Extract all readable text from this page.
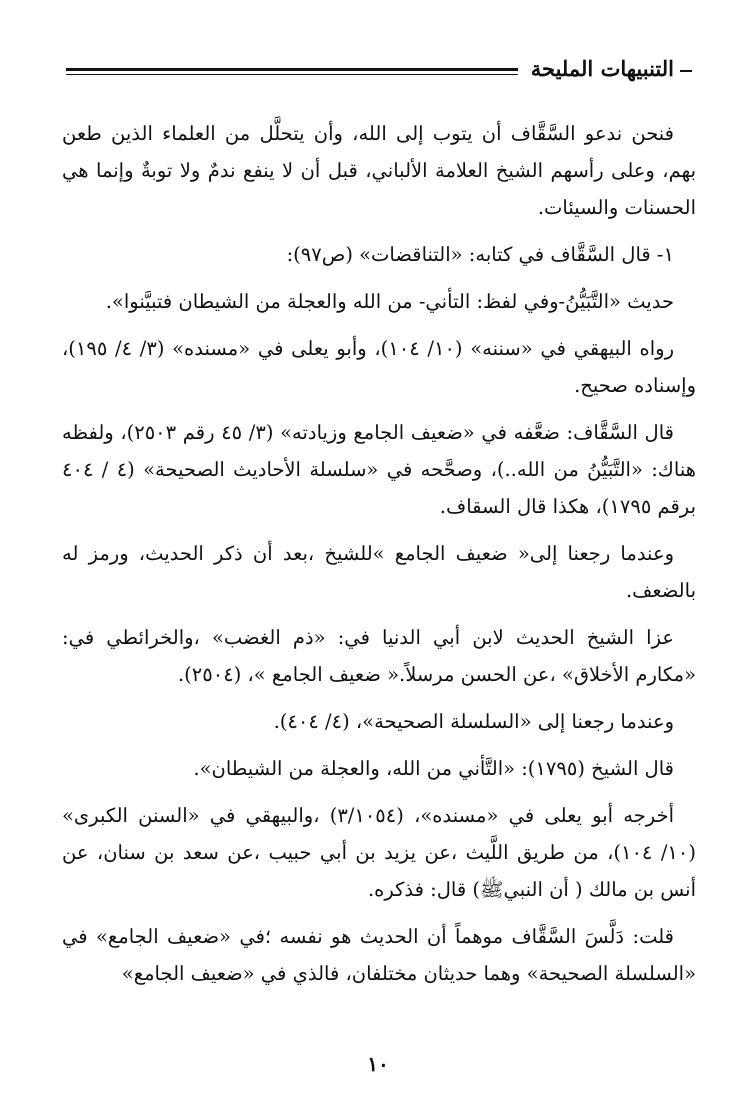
التنبيهات المليحة

فنحن ندعو السَّقَّاف أن يتوب إلى الله، وأن يتحلَّل من العلماء الذين طعن بهم، وعلى رأسهم الشيخ العلامة الألباني، قبل أن لا ينفع ندمٌ ولا توبةٌ وإنما هي الحسنات والسيئات.

١- قال السَّقَّاف في كتابه: «التناقضات» (ص٩٧):

حديث «التَّبَيُّنُ-وفي لفظ: التأني- من الله والعجلة من الشيطان فتبيَّنوا».

رواه البيهقي في «سننه» (١٠/ ١٠٤)، وأبو يعلى في «مسنده» (٣/ ٤/ ١٩٥)، وإسناده صحيح.

قال السَّقَّاف: ضعَّفه في «ضعيف الجامع وزيادته» (٣/ ٤٥ رقم ٢٥٠٣)، ولفظه هناك: «التَّبَيُّنُ من الله..)، وصحَّحه في «سلسلة الأحاديث الصحيحة» (٤ / ٤٠٤ برقم ١٧٩٥)، هكذا قال السقاف.

وعندما رجعنا إلى« ضعيف الجامع »للشيخ ،بعد أن ذكر الحديث، ورمز له بالضعف.

عزا الشيخ الحديث لابن أبي الدنيا في: «ذم الغضب» ،والخرائطي في: «مكارم الأخلاق» ،عن الحسن مرسلاً.« ضعيف الجامع »، (٢٥٠٤).

وعندما رجعنا إلى «السلسلة الصحيحة»، (٤/ ٤٠٤).

قال الشيخ (١٧٩٥): «التَّأني من الله، والعجلة من الشيطان».

أخرجه أبو يعلى في «مسنده»، (٣/١٠٥٤) ،والبيهقي في «السنن الكبرى» (١٠/ ١٠٤)، من طريق اللَّيث ،عن يزيد بن أبي حبيب ،عن سعد بن سنان، عن أنس بن مالك ( أن النبيﷺ) قال: فذكره.

قلت: دَلَّسَ السَّقَّاف موهماً أن الحديث هو نفسه ؛في «ضعيف الجامع» في «السلسلة الصحيحة» وهما حديثان مختلفان، فالذي في «ضعيف الجامع»

١٠
